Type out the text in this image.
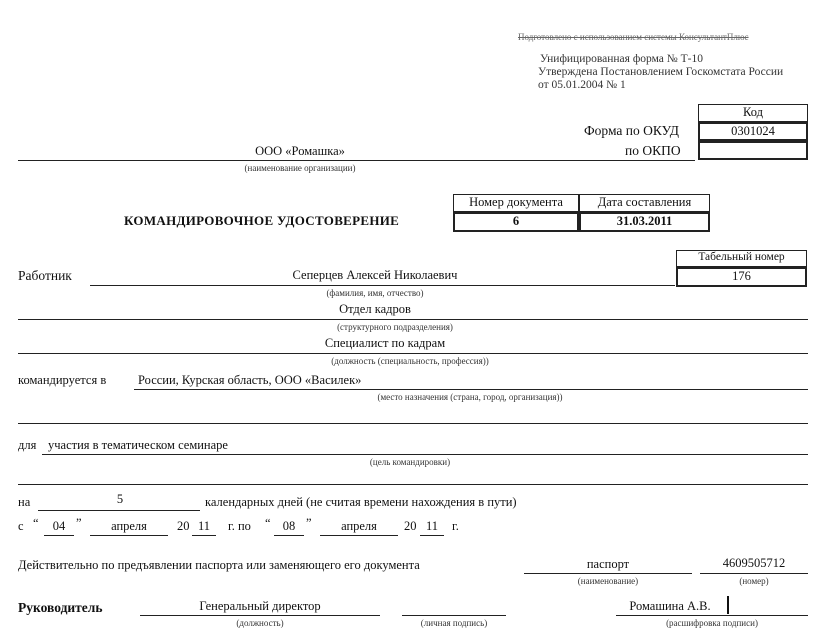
Подготовлено с использованием системы КонсультантПлюс
Унифицированная форма № Т-10
Утверждена Постановлением Госкомстата России
от 05.01.2004 № 1
Код
0301024
Форма по ОКУД
по ОКПО
ООО «Ромашка»
(наименование организации)
Номер документа	Дата составления
6	31.03.2011
КОМАНДИРОВОЧНОЕ УДОСТОВЕРЕНИЕ
Табельный номер
176
Работник	Сеперцев Алексей Николаевич
(фамилия, имя, отчество)
Отдел кадров
(структурного подразделения)
Специалист по кадрам
(должность (специальность, профессия))
командируется в	России, Курская область, ООО «Василек»
(место назначения (страна, город, организация))
для участия в тематическом семинаре
(цель командировки)
на	5	календарных дней (не считая времени нахождения в пути)
с “	04 ”	апреля	20 11	г. по “ 08 ”	апреля	20 11	г.
Действительно по предъявлении паспорта или заменяющего его документа	паспорт
(наименование)
4609505712
(номер)
Руководитель	Генеральный директор
(должность)	(личная подпись)
Ромашина А.В.
(расшифровка подписи)
